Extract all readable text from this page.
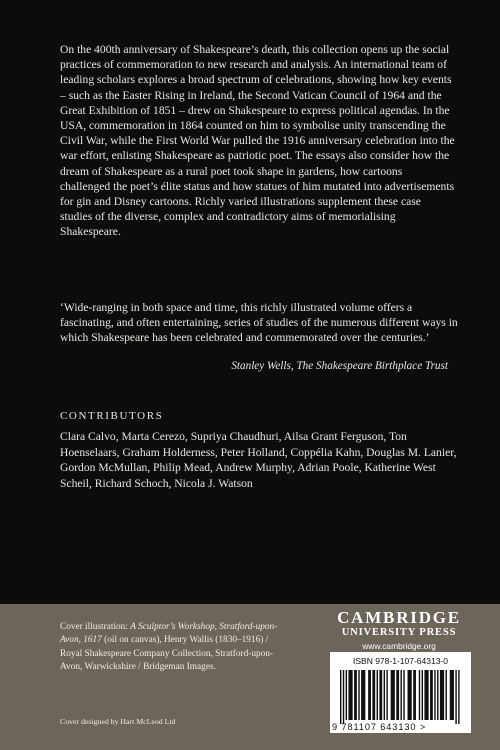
On the 400th anniversary of Shakespeare’s death, this collection opens up the social practices of commemoration to new research and analysis. An international team of leading scholars explores a broad spectrum of celebrations, showing how key events – such as the Easter Rising in Ireland, the Second Vatican Council of 1964 and the Great Exhibition of 1851 – drew on Shakespeare to express political agendas. In the USA, commemoration in 1864 counted on him to symbolise unity transcending the Civil War, while the First World War pulled the 1916 anniversary celebration into the war effort, enlisting Shakespeare as patriotic poet. The essays also consider how the dream of Shakespeare as a rural poet took shape in gardens, how cartoons challenged the poet’s élite status and how statues of him mutated into advertisements for gin and Disney cartoons. Richly varied illustrations supplement these case studies of the diverse, complex and contradictory aims of memorialising Shakespeare.

‘Wide-ranging in both space and time, this richly illustrated volume offers a fascinating, and often entertaining, series of studies of the numerous different ways in which Shakespeare has been celebrated and commemorated over the centuries.’

Stanley Wells, The Shakespeare Birthplace Trust

CONTRIBUTORS

Clara Calvo, Marta Cerezo, Supriya Chaudhuri, Ailsa Grant Ferguson, Ton Hoenselaars, Graham Holderness, Peter Holland, Coppélia Kahn, Douglas M. Lanier, Gordon McMullan, Philip Mead, Andrew Murphy, Adrian Poole, Katherine West Scheil, Richard Schoch, Nicola J. Watson

Cover illustration: A Sculptor’s Workshop, Stratford-upon-Avon, 1617 (oil on canvas), Henry Wallis (1830–1916) / Royal Shakespeare Company Collection, Stratford-upon-Avon, Warwickshire / Bridgeman Images.

Cover designed by Hart McLeod Ltd

CAMBRIDGE
UNIVERSITY PRESS
www.cambridge.org
ISBN 978-1-107-64313-0
9 781107 643130 >
